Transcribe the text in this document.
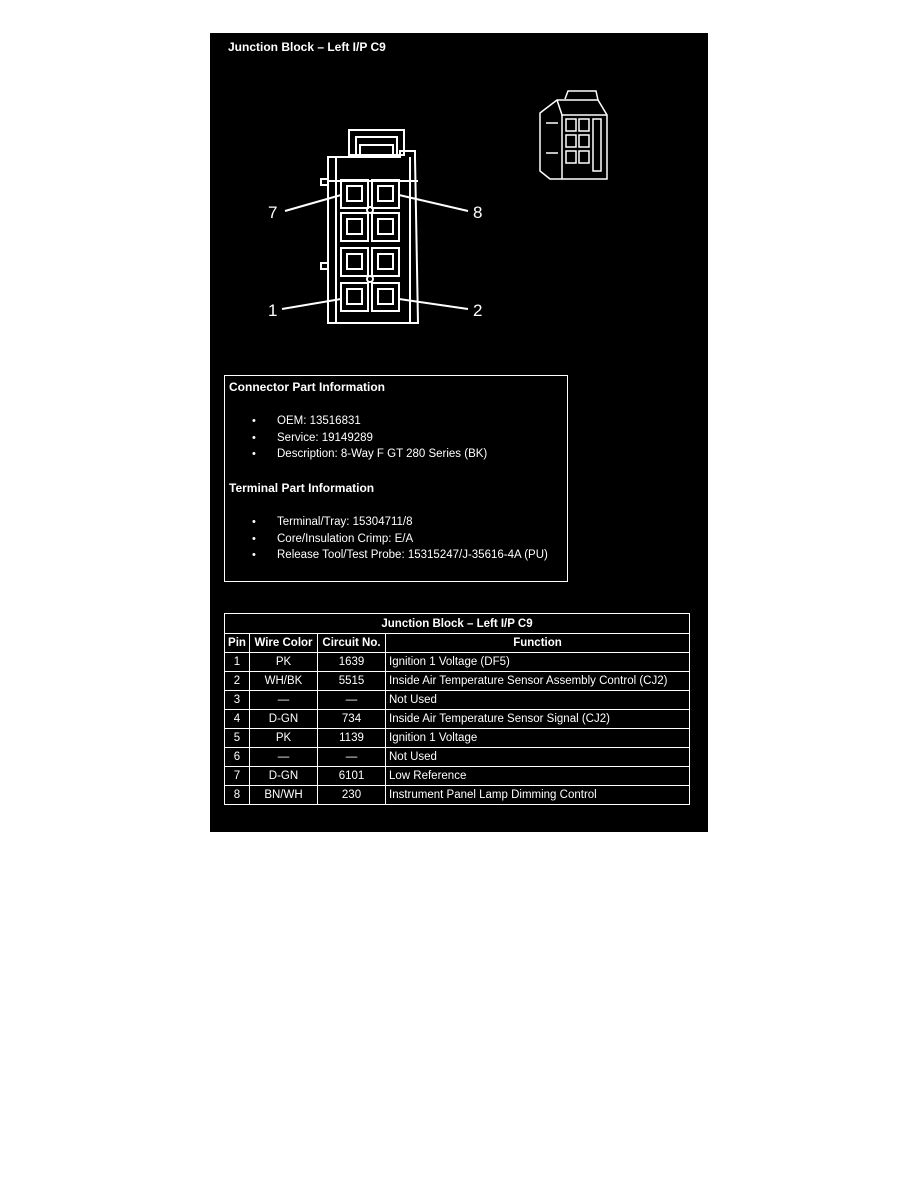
Junction Block – Left I/P C9
7	8
1	2
Connector Part Information
• OEM: 13516831
• Service: 19149289
• Description: 8-Way F GT 280 Series (BK)
Terminal Part Information
• Terminal/Tray: 15304711/8
• Core/Insulation Crimp: E/A
• Release Tool/Test Probe: 15315247/J-35616-4A (PU)
Junction Block – Left I/P C9			
Pin	Wire Color	Circuit No.	Function
1	PK	1639	Ignition 1 Voltage (DF5)
2	WH/BK	5515	Inside Air Temperature Sensor Assembly Control (CJ2)
3	—	—	Not Used
4	D-GN	734	Inside Air Temperature Sensor Signal (CJ2)
5	PK	1139	Ignition 1 Voltage
6	—	—	Not Used
7	D-GN	6101	Low Reference
8	BN/WH	230	Instrument Panel Lamp Dimming Control
